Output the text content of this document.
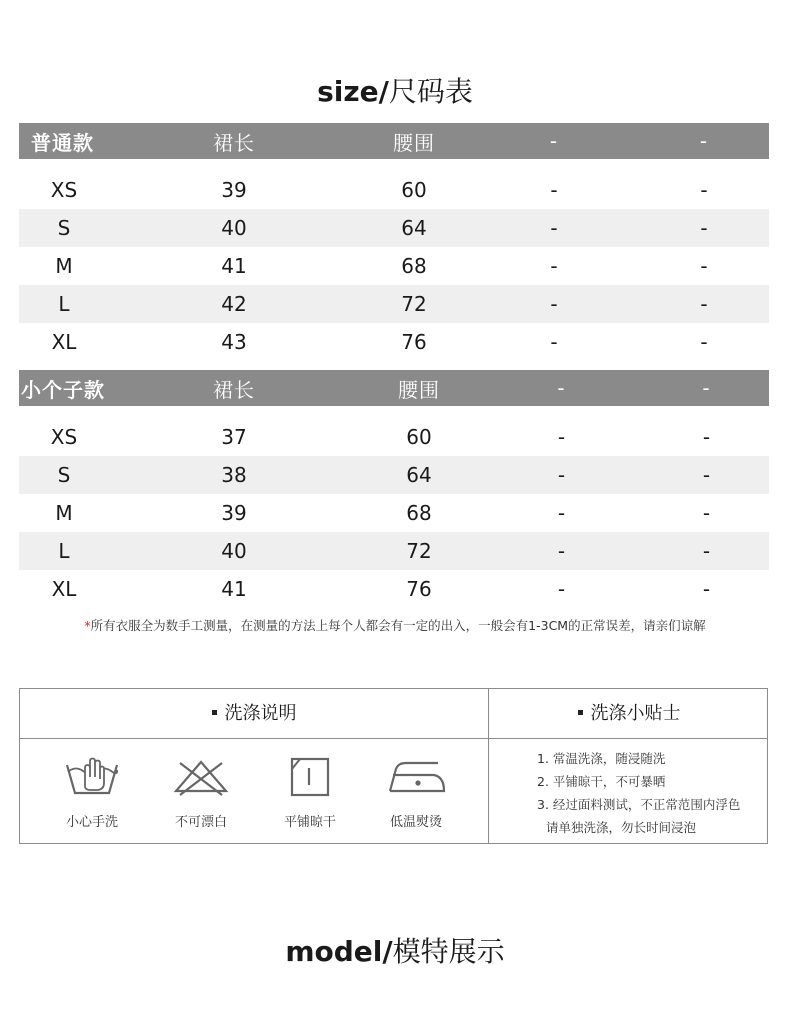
size/尺码表
普通款	裙长	腰围	-	-

XS	39	60	-	-
S	40	64	-	-
M	41	68	-	-
L	42	72	-	-
XL	43	76	-	-
小个子款	裙长	腰围	-	-

XS	37	60	-	-
S	38	64	-	-
M	39	68	-	-
L	40	72	-	-
XL	41	76	-	-

*所有衣服全为数手工测量，在测量的方法上每个人都会有一定的出入，一般会有1-3CM的正常误差，请亲们谅解

洗涤说明	洗涤小贴士
小心手洗	不可漂白	平铺晾干	低温熨烫
1. 常温洗涤，随浸随洗
2. 平铺晾干，不可暴晒
3. 经过面料测试，不正常范围内浮色
请单独洗涤，勿长时间浸泡
model/模特展示
